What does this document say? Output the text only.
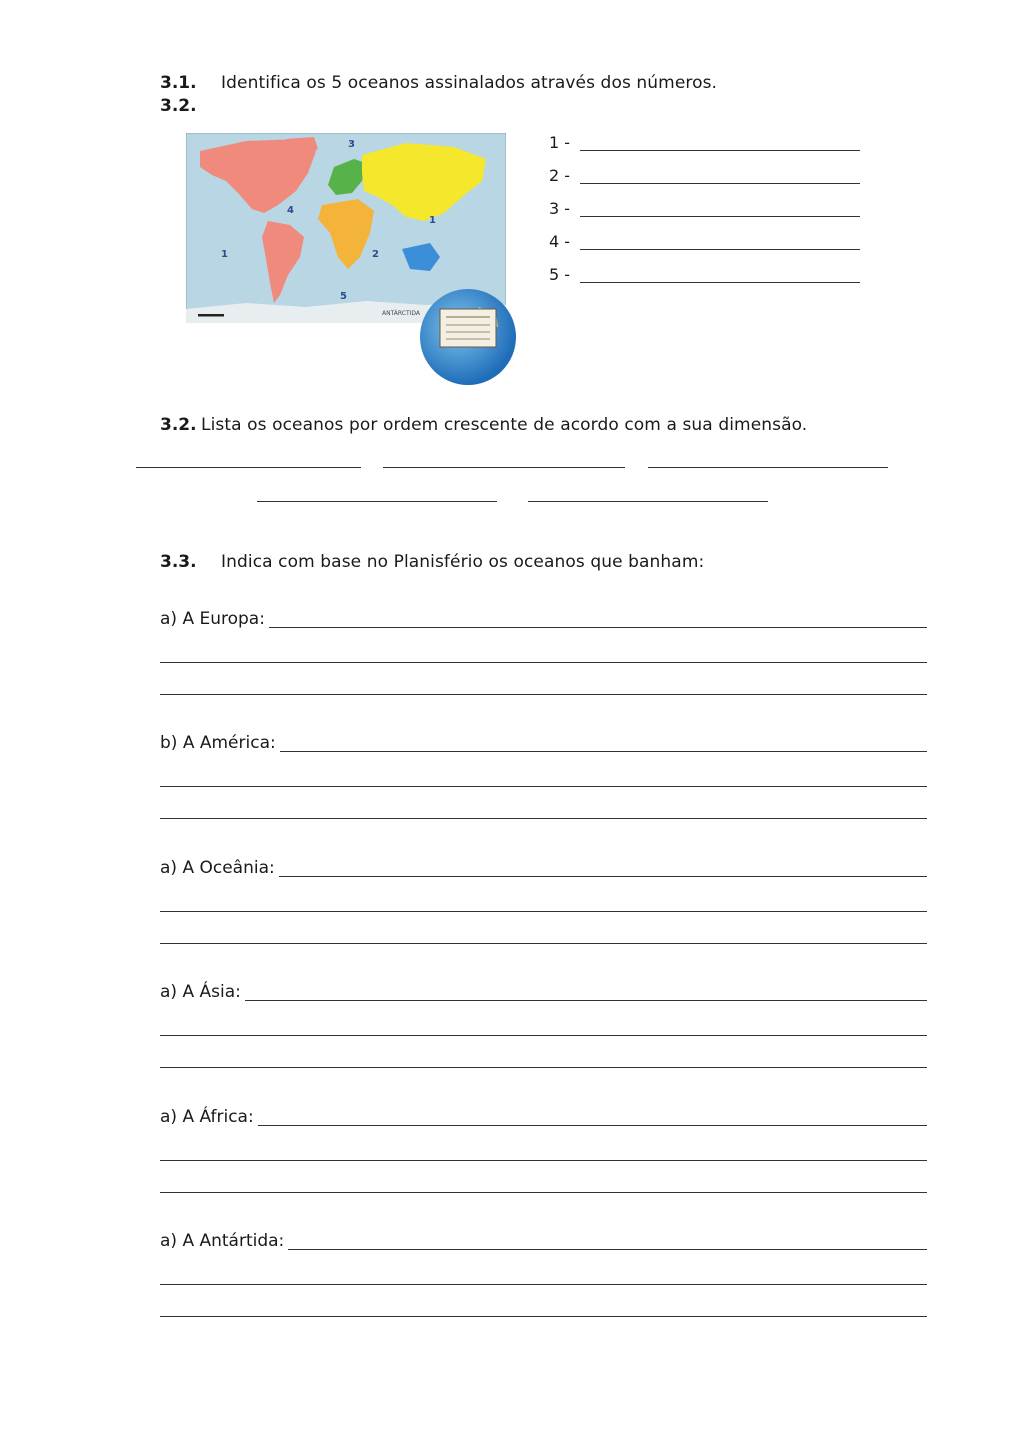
3.1.
3.2.
Identifica os 5 oceanos assinalados através dos números.
3
4
1
1	2
5
ANTÁRCTIDA
1 -
2 -
3 -
4 -
5 -
3.2. Lista os oceanos por ordem crescente de acordo com a sua dimensão.
3.3. Indica com base no Planisfério os oceanos que banham:
a) A Europa:
b) A América:
a) A Oceânia:
a) A Ásia:
a) A África:
a) A Antártida:
